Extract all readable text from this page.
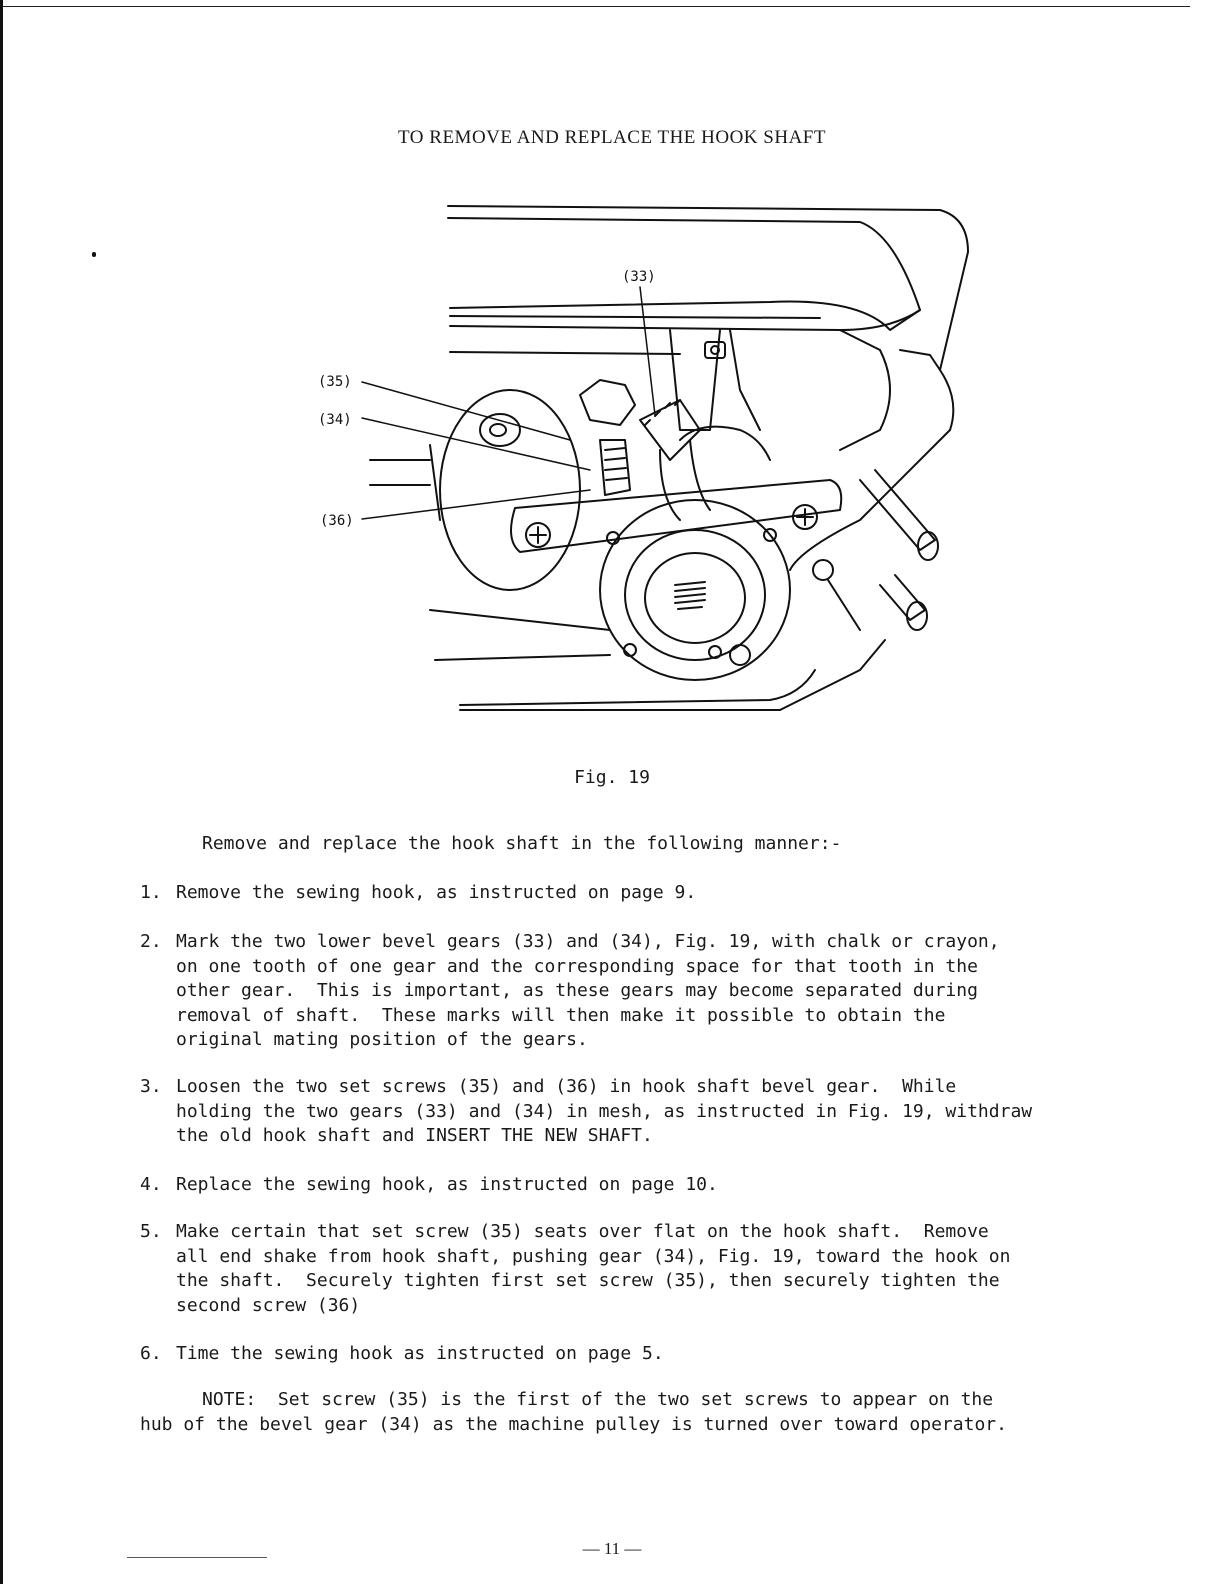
TO REMOVE AND REPLACE THE HOOK SHAFT
(33)
(35)
(34)
(36)
Fig. 19
Remove and replace the hook shaft in the following manner:-
1. Remove the sewing hook, as instructed on page 9.
2. Mark the two lower bevel gears (33) and (34), Fig. 19, with chalk or crayon,
on one tooth of one gear and the corresponding space for that tooth in the
other gear.  This is important, as these gears may become separated during
removal of shaft.  These marks will then make it possible to obtain the
original mating position of the gears.
3. Loosen the two set screws (35) and (36) in hook shaft bevel gear.  While
holding the two gears (33) and (34) in mesh, as instructed in Fig. 19, withdraw
the old hook shaft and INSERT THE NEW SHAFT.
4. Replace the sewing hook, as instructed on page 10.
5. Make certain that set screw (35) seats over flat on the hook shaft.  Remove
all end shake from hook shaft, pushing gear (34), Fig. 19, toward the hook on
the shaft.  Securely tighten first set screw (35), then securely tighten the
second screw (36)
6. Time the sewing hook as instructed on page 5.
NOTE:  Set screw (35) is the first of the two set screws to appear on the
hub of the bevel gear (34) as the machine pulley is turned over toward operator.
— 11 —
